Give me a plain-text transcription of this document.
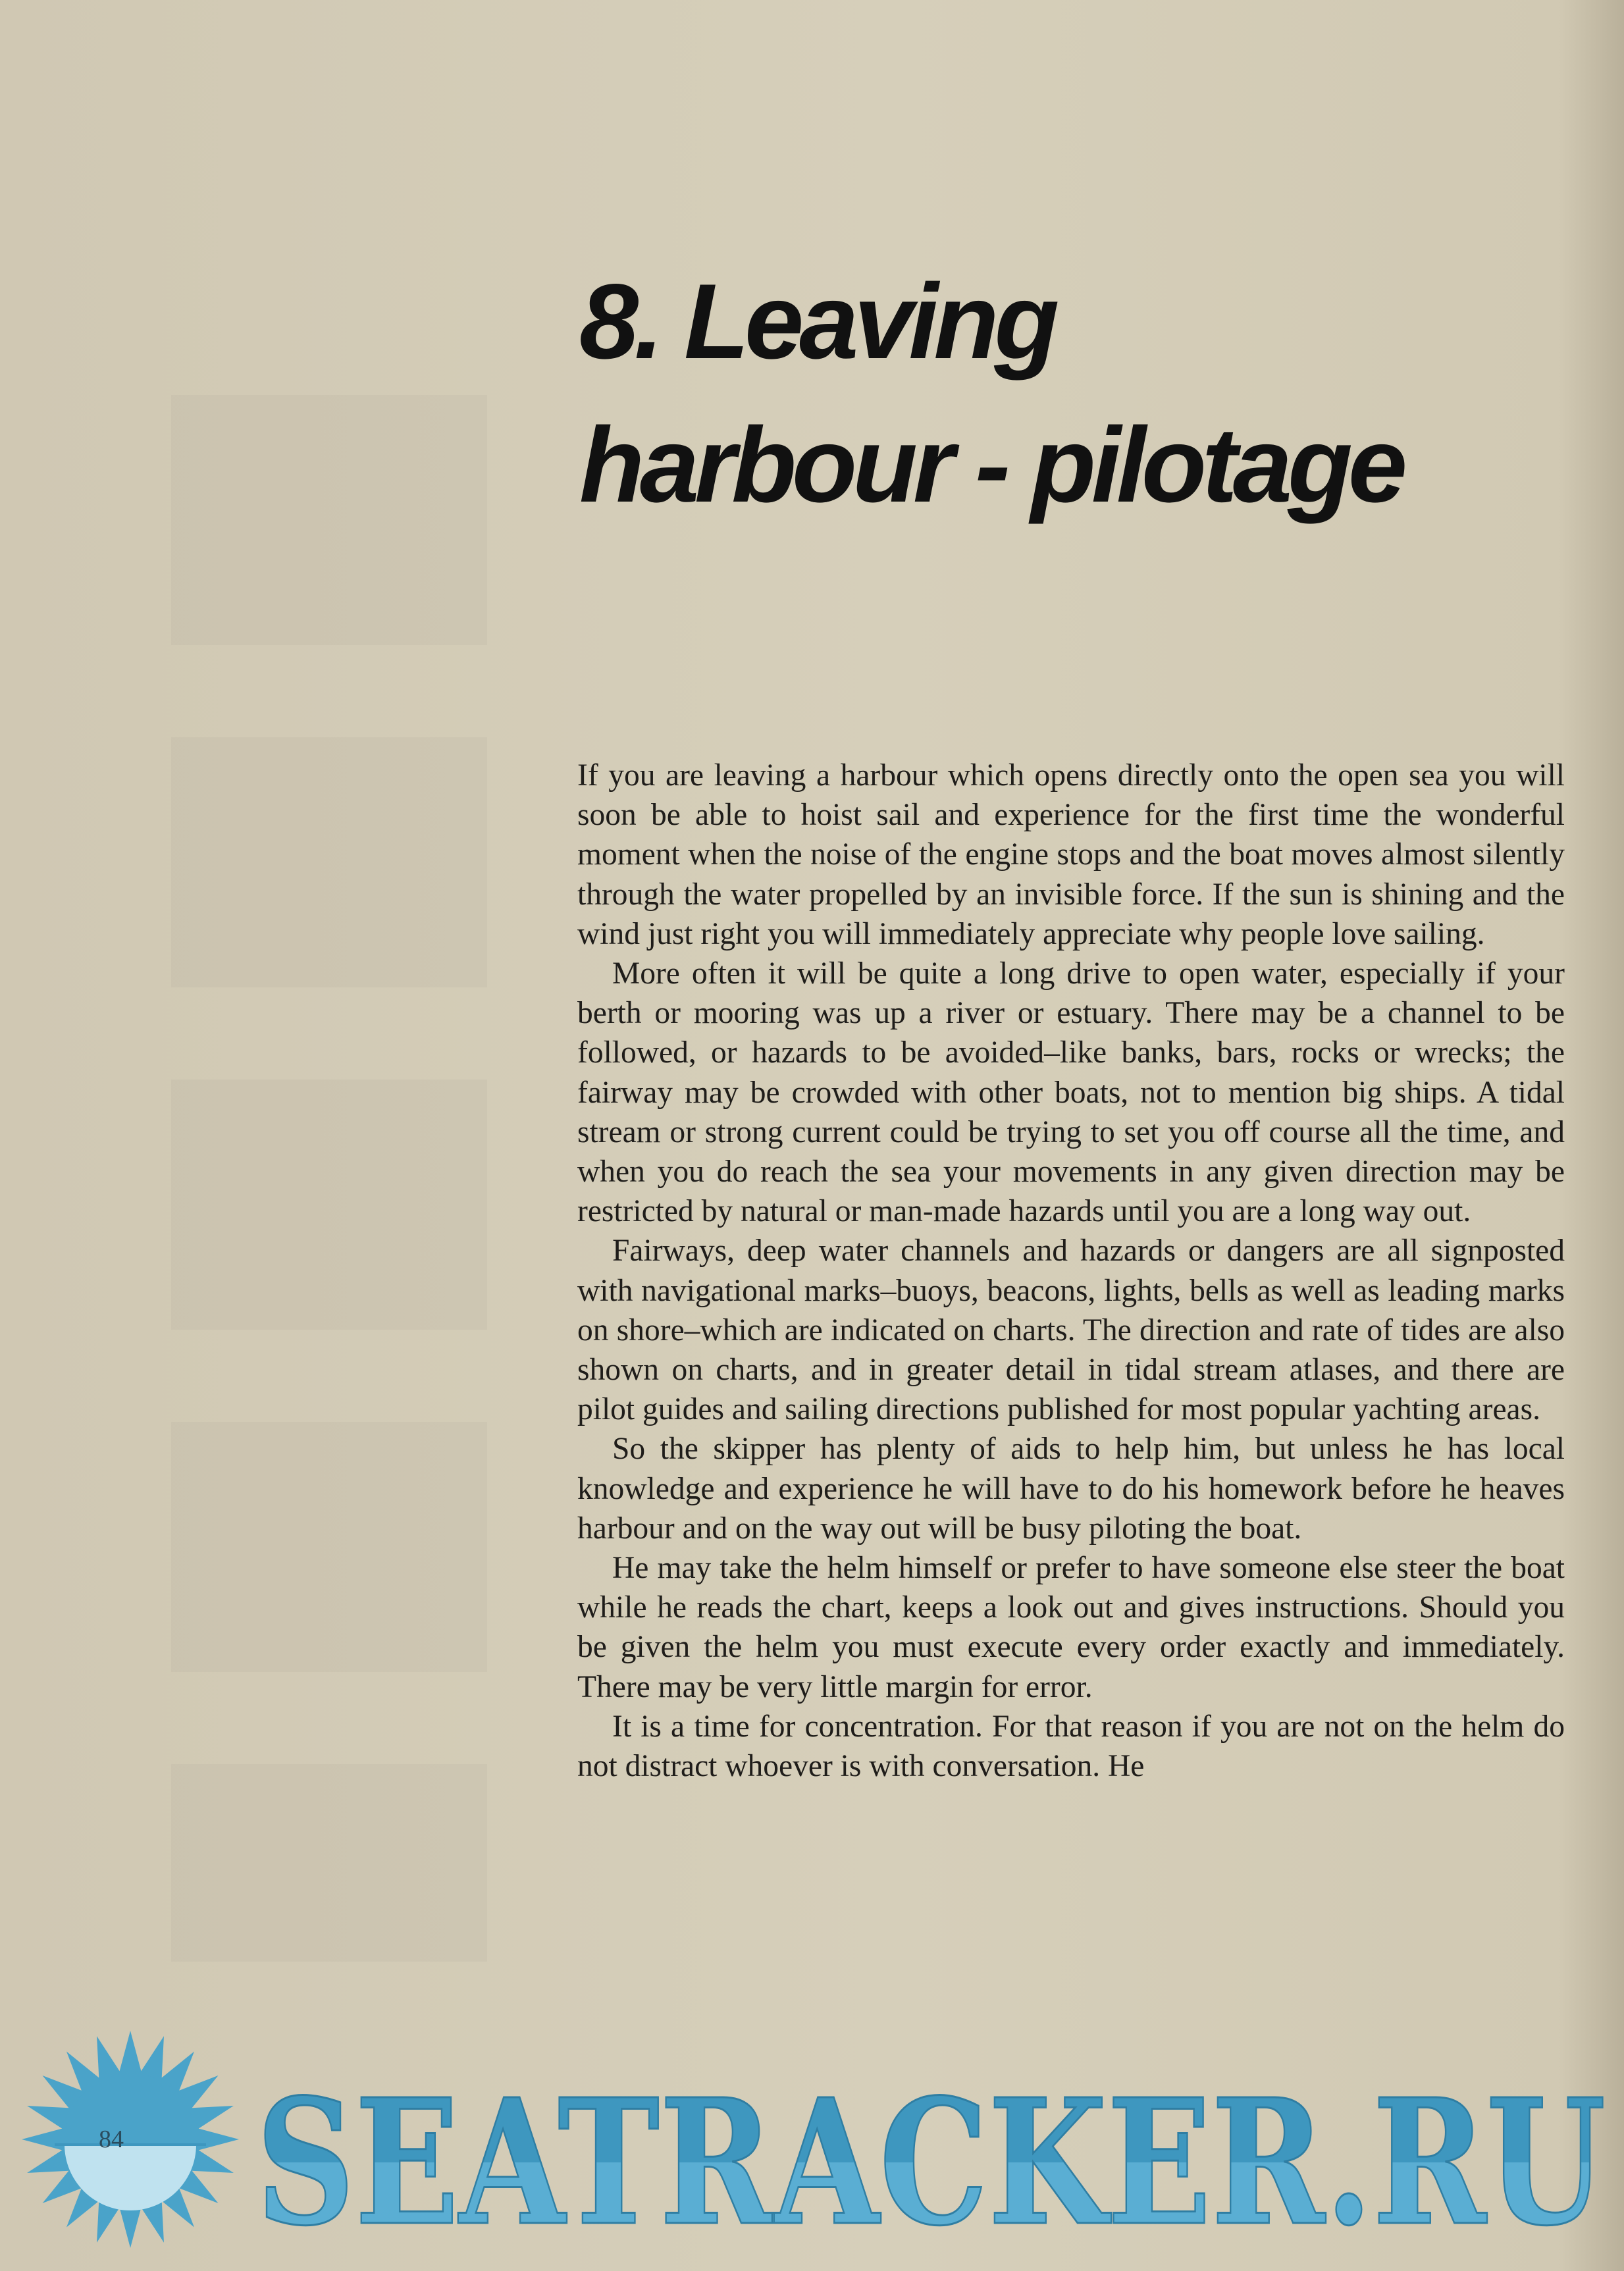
8. Leaving
harbour - pilotage

If you are leaving a harbour which opens directly onto the open sea you will soon be able to hoist sail and experience for the first time the wonderful moment when the noise of the engine stops and the boat moves almost silently through the water propelled by an invisible force. If the sun is shining and the wind just right you will immediately appreciate why people love sailing.

More often it will be quite a long drive to open water, especially if your berth or mooring was up a river or estuary. There may be a channel to be followed, or hazards to be avoided–like banks, bars, rocks or wrecks; the fairway may be crowded with other boats, not to mention big ships. A tidal stream or strong current could be trying to set you off course all the time, and when you do reach the sea your movements in any given direction may be restricted by natural or man-made hazards until you are a long way out.

Fairways, deep water channels and hazards or dangers are all signposted with navigational marks–buoys, beacons, lights, bells as well as leading marks on shore–which are indicated on charts. The direction and rate of tides are also shown on charts, and in greater detail in tidal stream atlases, and there are pilot guides and sailing directions published for most popular yachting areas.

So the skipper has plenty of aids to help him, but unless he has local knowledge and experience he will have to do his homework before he heaves harbour and on the way out will be busy piloting the boat.

He may take the helm himself or prefer to have someone else steer the boat while he reads the chart, keeps a look out and gives instructions. Should you be given the helm you must execute every order exactly and immediately. There may be very little margin for error.

It is a time for concentration. For that reason if you are not on the helm do not distract whoever is with conversation. He

84 SEATRACKER.RU
